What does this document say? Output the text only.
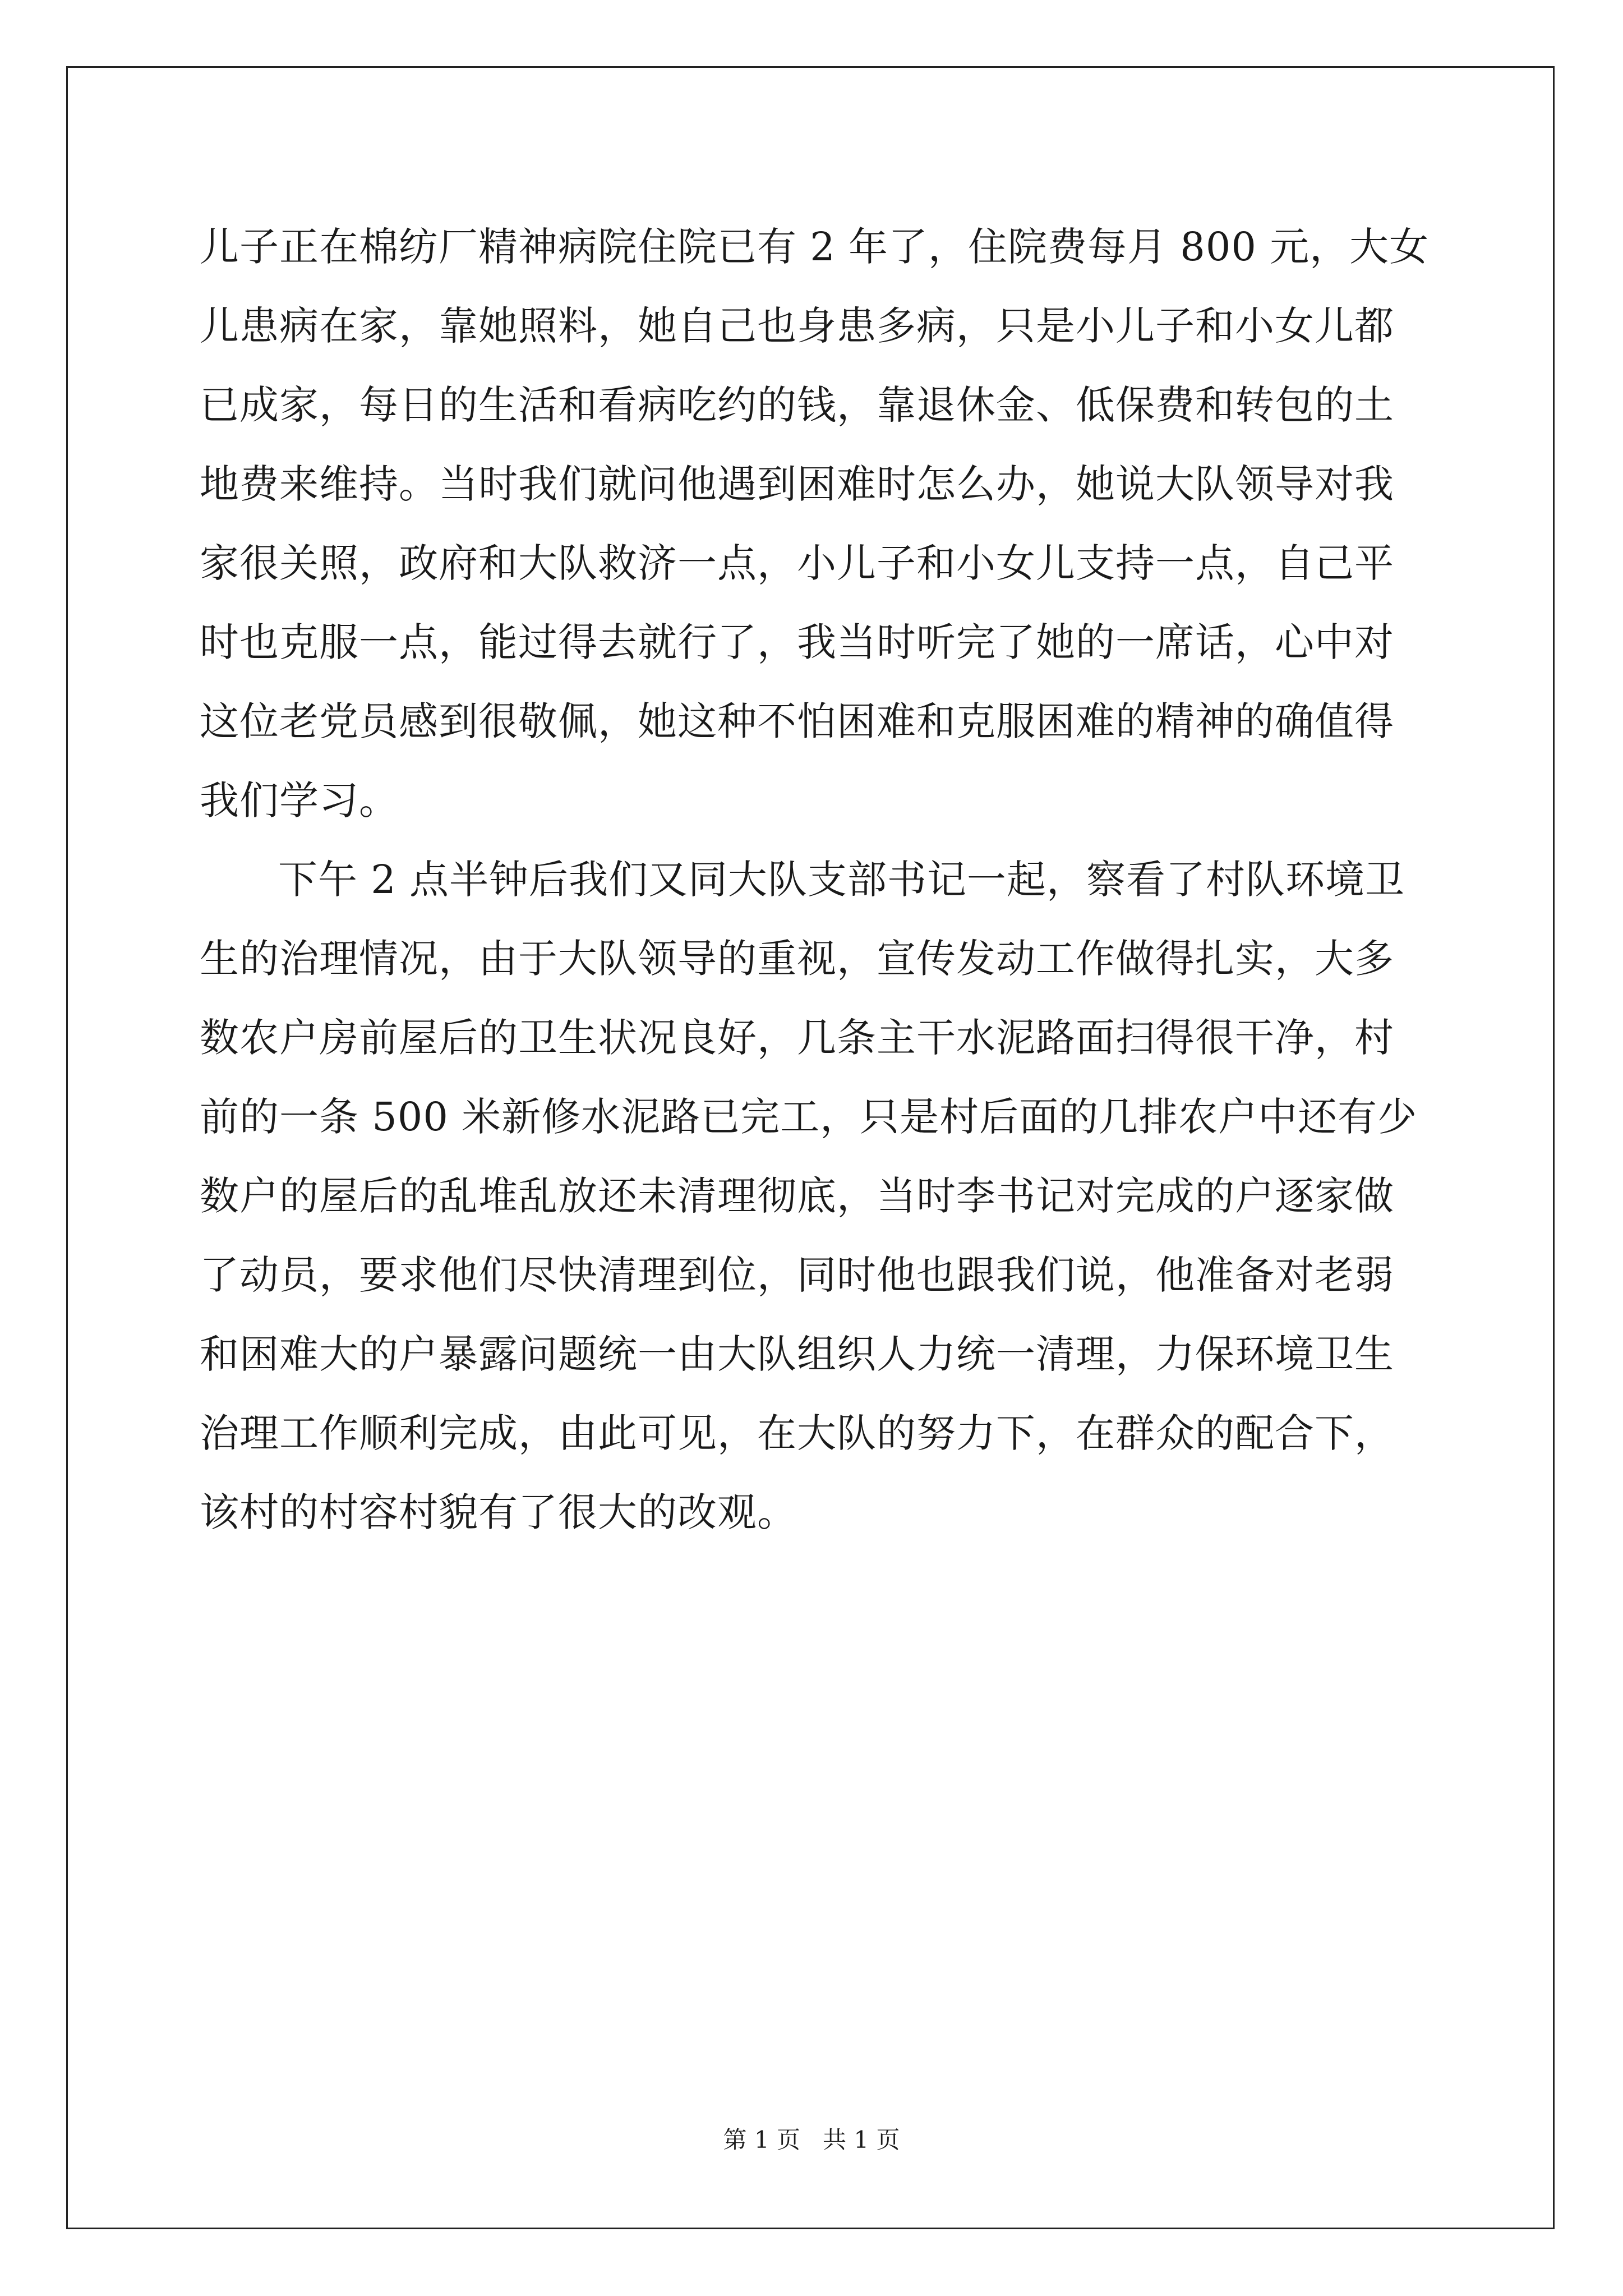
儿子正在棉纺厂精神病院住院已有 2 年了，住院费每月 800 元，大女
儿患病在家，靠她照料，她自己也身患多病，只是小儿子和小女儿都
已成家，每日的生活和看病吃约的钱，靠退休金、低保费和转包的土
地费来维持。当时我们就问他遇到困难时怎么办，她说大队领导对我
家很关照，政府和大队救济一点，小儿子和小女儿支持一点，自己平
时也克服一点，能过得去就行了，我当时听完了她的一席话，心中对
这位老党员感到很敬佩，她这种不怕困难和克服困难的精神的确值得
我们学习。
下午 2 点半钟后我们又同大队支部书记一起，察看了村队环境卫
生的治理情况，由于大队领导的重视，宣传发动工作做得扎实，大多
数农户房前屋后的卫生状况良好，几条主干水泥路面扫得很干净，村
前的一条 500 米新修水泥路已完工，只是村后面的几排农户中还有少
数户的屋后的乱堆乱放还未清理彻底，当时李书记对完成的户逐家做
了动员，要求他们尽快清理到位，同时他也跟我们说，他准备对老弱
和困难大的户暴露问题统一由大队组织人力统一清理，力保环境卫生
治理工作顺利完成，由此可见，在大队的努力下，在群众的配合下，
该村的村容村貌有了很大的改观。
第 1 页   共 1 页
